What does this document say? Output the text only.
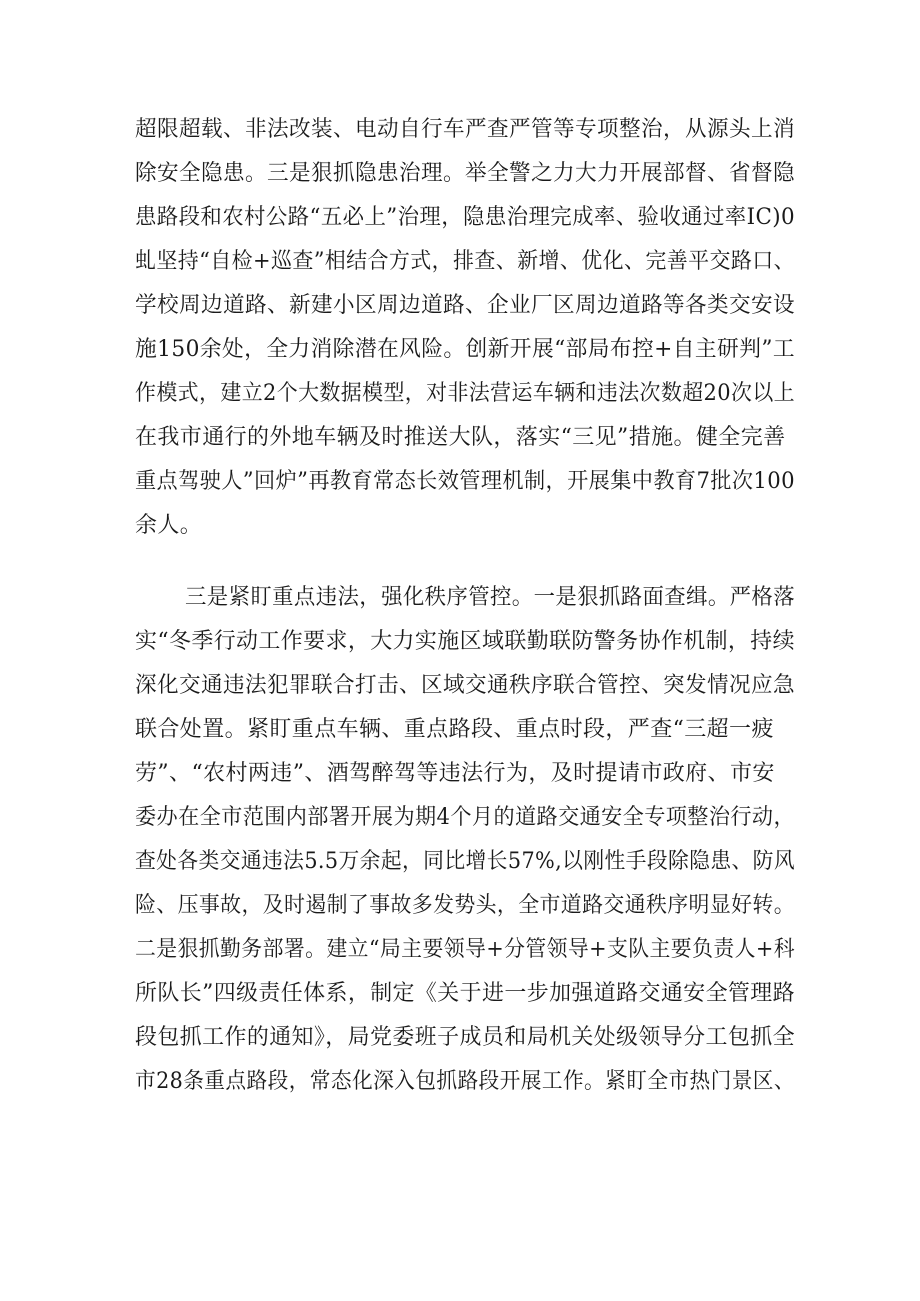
超限超载、非法改装、电动自行车严查严管等专项整治，从源头上消
除安全隐患。三是狠抓隐患治理。举全警之力大力开展部督、省督隐
患路段和农村公路“五必上”治理，隐患治理完成率、验收通过率IC)0
虬坚持“自检+巡查”相结合方式，排查、新增、优化、完善平交路口、
学校周边道路、新建小区周边道路、企业厂区周边道路等各类交安设
施150余处，全力消除潜在风险。创新开展“部局布控+自主研判”工
作模式，建立2个大数据模型，对非法营运车辆和违法次数超20次以上
在我市通行的外地车辆及时推送大队，落实“三见”措施。健全完善
重点驾驶人”回炉”再教育常态长效管理机制，开展集中教育7批次100
余人。
三是紧盯重点违法，强化秩序管控。一是狠抓路面查缉。严格落
实“冬季行动工作要求，大力实施区域联勤联防警务协作机制，持续
深化交通违法犯罪联合打击、区域交通秩序联合管控、突发情况应急
联合处置。紧盯重点车辆、重点路段、重点时段，严查“三超一疲
劳”、“农村两违”、酒驾醉驾等违法行为，及时提请市政府、市安
委办在全市范围内部署开展为期4个月的道路交通安全专项整治行动，
查处各类交通违法5.5万余起，同比增长57%,以刚性手段除隐患、防风
险、压事故，及时遏制了事故多发势头，全市道路交通秩序明显好转。
二是狠抓勤务部署。建立“局主要领导+分管领导+支队主要负责人+科
所队长”四级责任体系，制定《关于进一步加强道路交通安全管理路
段包抓工作的通知》，局党委班子成员和局机关处级领导分工包抓全
市28条重点路段，常态化深入包抓路段开展工作。紧盯全市热门景区、
